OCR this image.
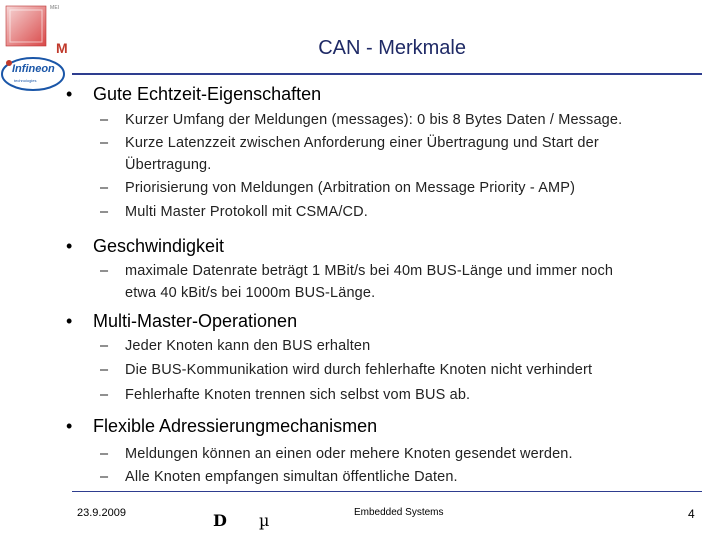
MEI
M
Infineon
technologies
CAN - Merkmale
• Gute Echtzeit-Eigenschaften
– Kurzer Umfang der Meldungen (messages): 0 bis 8 Bytes Daten / Message.
– Kurze Latenzzeit zwischen Anforderung einer Übertragung und Start der
Übertragung.
– Priorisierung von Meldungen (Arbitration on Message Priority - AMP)
– Multi Master Protokoll mit CSMA/CD.
• Geschwindigkeit
– maximale Datenrate beträgt 1 MBit/s bei 40m BUS-Länge und immer noch
etwa 40 kBit/s bei 1000m BUS-Länge.
• Multi-Master-Operationen
– Jeder Knoten kann den BUS erhalten
– Die BUS-Kommunikation wird durch fehlerhafte Knoten nicht verhindert
– Fehlerhafte Knoten trennen sich selbst vom BUS ab.
• Flexible Adressierungmechanismen
– Meldungen können an einen oder mehere Knoten gesendet werden.
– Alle Knoten empfangen simultan öffentliche Daten.
23.9.2009	D µ	Embedded Systems	4
